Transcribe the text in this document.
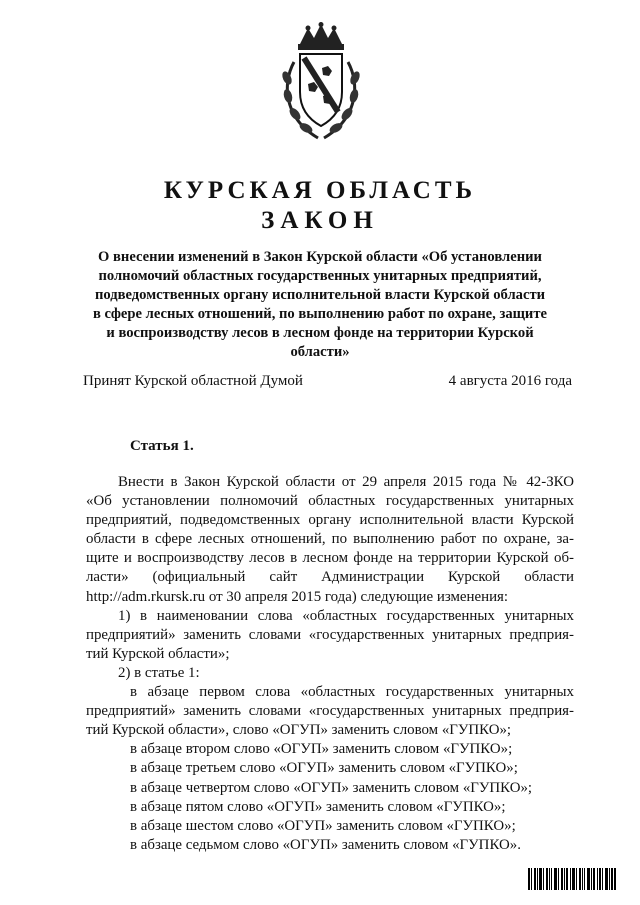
КУРСКАЯ ОБЛАСТЬ
ЗАКОН
О внесении изменений в Закон Курской области «Об установлении
полномочий областных государственных унитарных предприятий,
подведомственных органу исполнительной власти Курской области
в сфере лесных отношений, по выполнению работ по охране, защите
и воспроизводству лесов в лесном фонде на территории Курской
области»
Принят Курской областной Думой	4 августа 2016 года
Статья 1.
Внести в Закон Курской области от 29 апреля 2015 года № 42-ЗКО
«Об установлении полномочий областных государственных унитарных
предприятий, подведомственных органу исполнительной власти Курской
области в сфере лесных отношений, по выполнению работ по охране, за-
щите и воспроизводству лесов в лесном фонде на территории Курской об-
ласти» (официальный сайт Администрации Курской области
http://adm.rkursk.ru от 30 апреля 2015 года) следующие изменения:
1) в наименовании слова «областных государственных унитарных
предприятий» заменить словами «государственных унитарных предприя-
тий Курской области»;
2) в статье 1:
в абзаце первом слова «областных государственных унитарных
предприятий» заменить словами «государственных унитарных предприя-
тий Курской области», слово «ОГУП» заменить словом «ГУПКО»;
в абзаце втором слово «ОГУП» заменить словом «ГУПКО»;
в абзаце третьем слово «ОГУП» заменить словом «ГУПКО»;
в абзаце четвертом слово «ОГУП» заменить словом «ГУПКО»;
в абзаце пятом слово «ОГУП» заменить словом «ГУПКО»;
в абзаце шестом слово «ОГУП» заменить словом «ГУПКО»;
в абзаце седьмом слово «ОГУП» заменить словом «ГУПКО».
